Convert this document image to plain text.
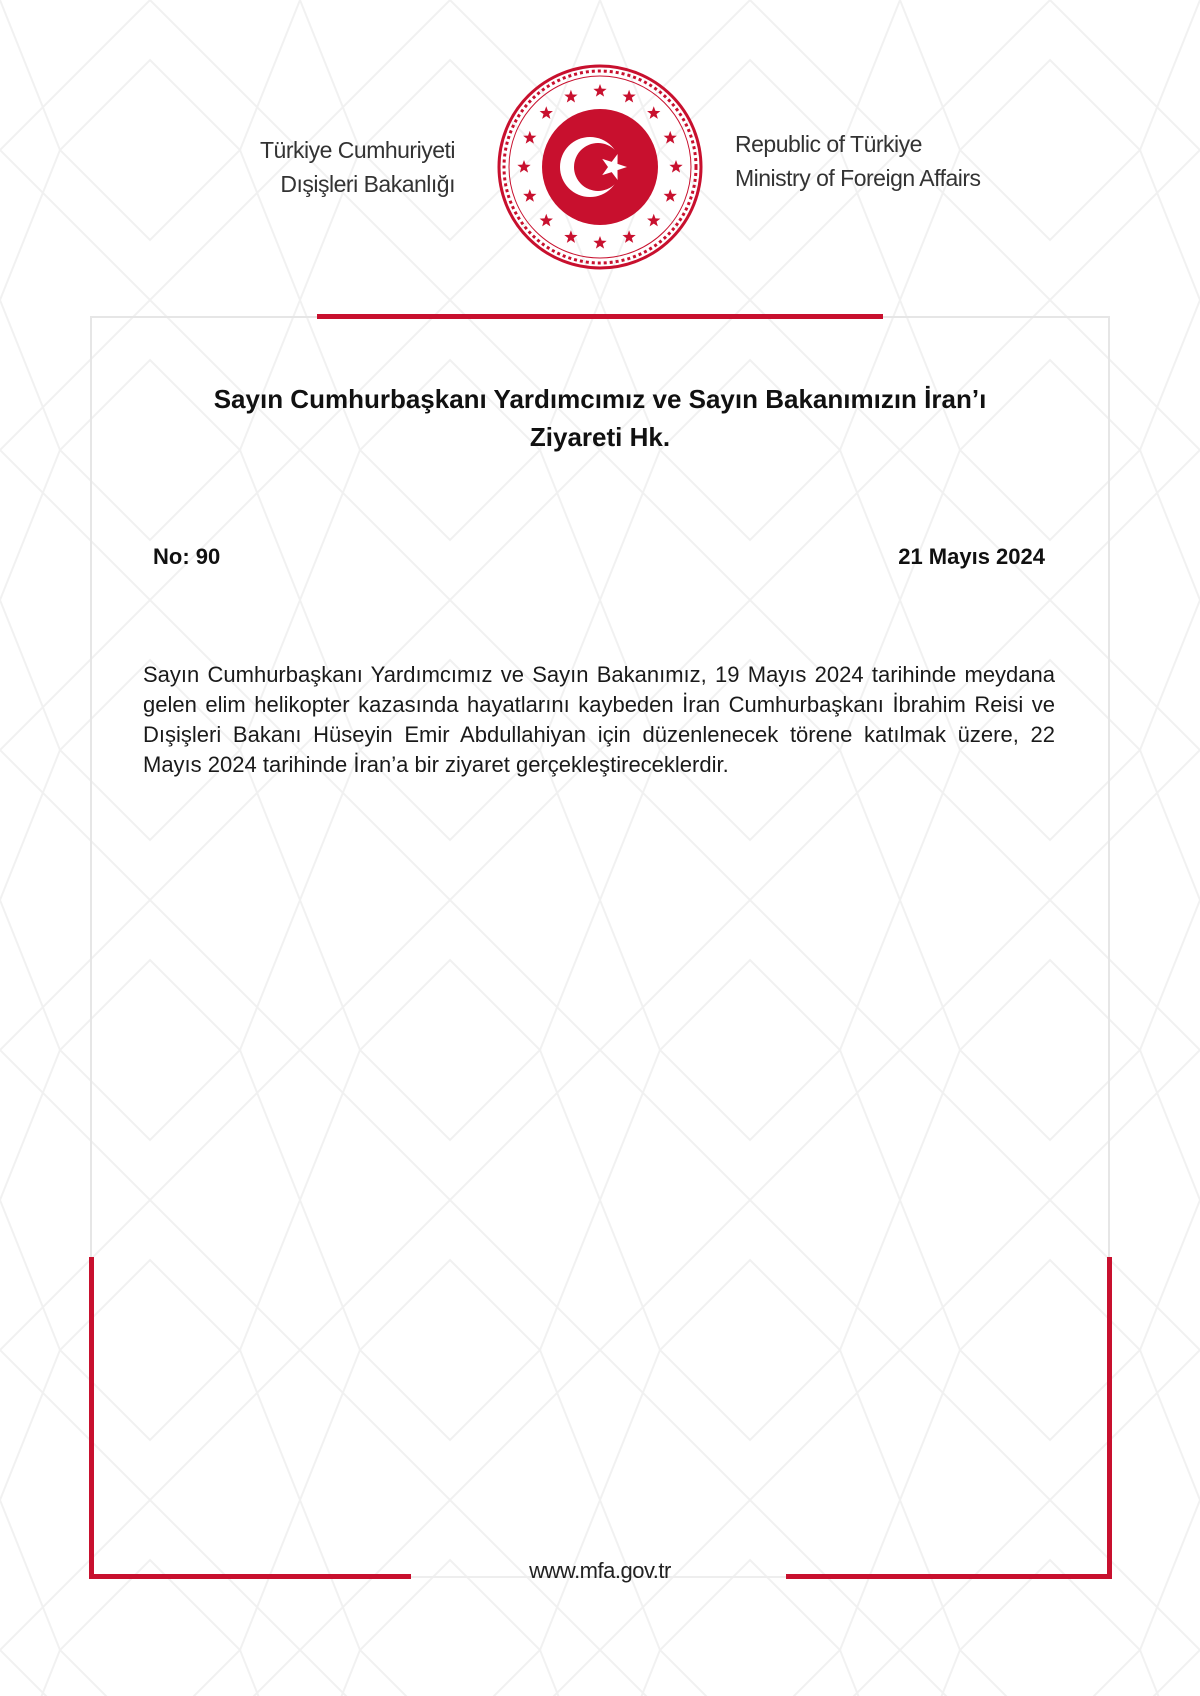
Türkiye Cumhuriyeti
Dışişleri Bakanlığı
Republic of Türkiye
Ministry of Foreign Affairs
Sayın Cumhurbaşkanı Yardımcımız ve Sayın Bakanımızın İran’ı
Ziyareti Hk.
No: 90	21 Mayıs 2024
Sayın Cumhurbaşkanı Yardımcımız ve Sayın Bakanımız, 19 Mayıs 2024 tarihinde meydana gelen elim helikopter kazasında hayatlarını kaybeden İran Cumhurbaşkanı İbrahim Reisi ve Dışişleri Bakanı Hüseyin Emir Abdullahiyan için düzenlenecek törene katılmak üzere, 22 Mayıs 2024 tarihinde İran’a bir ziyaret gerçekleştireceklerdir.
www.mfa.gov.tr
